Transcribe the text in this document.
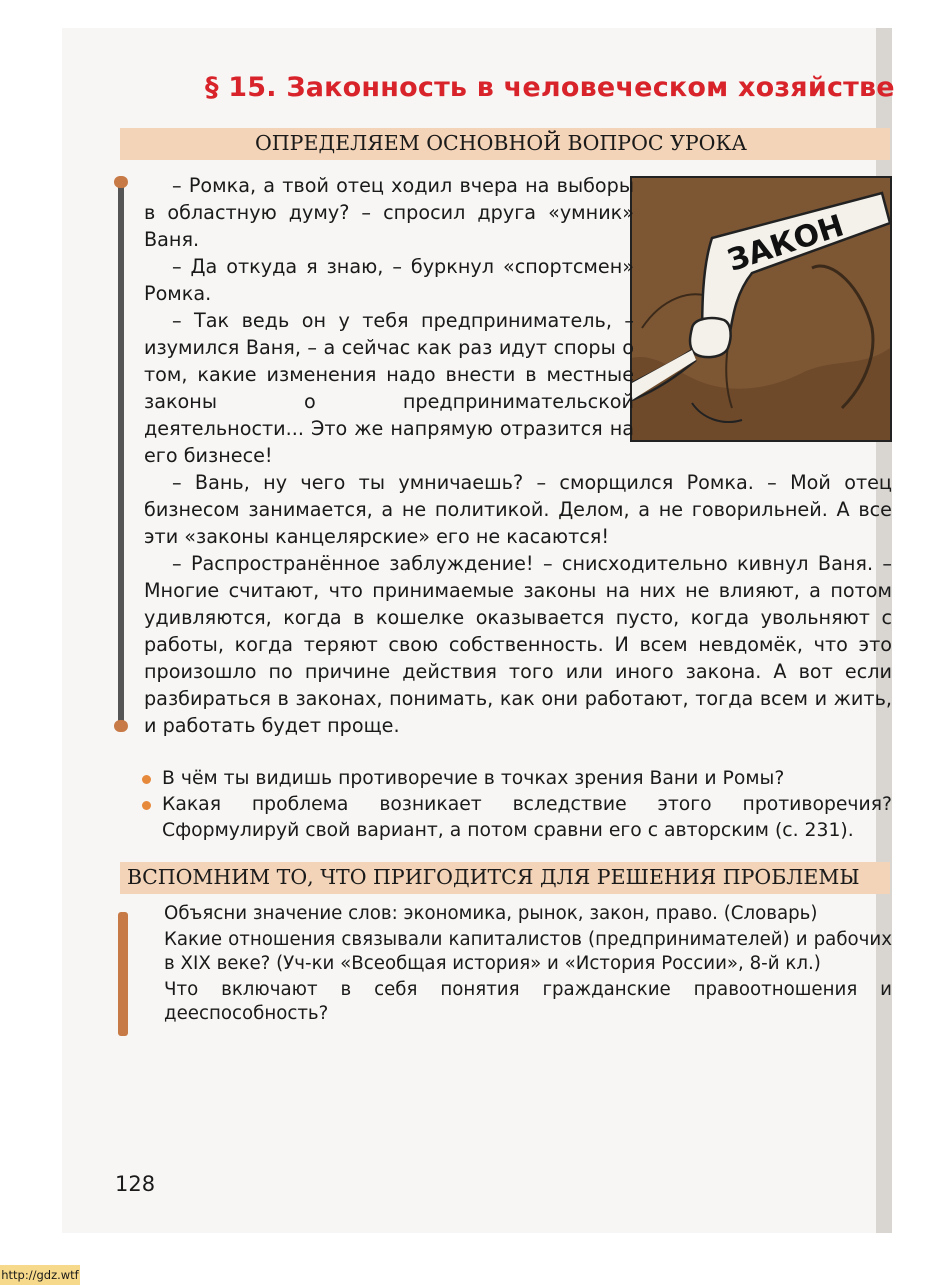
§ 15. Законность в человеческом хозяйстве
ОПРЕДЕЛЯЕМ ОСНОВНОЙ ВОПРОС УРОКА
ЗАКОН

– Ромка, а твой отец ходил вчера на выборы в областную думу? – спросил друга «умник» Ваня.

– Да откуда я знаю, – буркнул «спортсмен» Ромка.

– Так ведь он у тебя предприниматель, – изумился Ваня, – а сейчас как раз идут споры о том, какие изменения надо внести в местные законы о предпринимательской деятельности... Это же напрямую отразится на его бизнесе!

– Вань, ну чего ты умничаешь? – сморщился Ромка. – Мой отец бизнесом занимается, а не политикой. Делом, а не говорильней. А все эти «законы канцелярские» его не касаются!

– Распространённое заблуждение! – снисходительно кивнул Ваня. – Многие считают, что принимаемые законы на них не влияют, а потом удивляются, когда в кошелке оказывается пусто, когда увольняют с работы, когда теряют свою собственность. И всем невдомёк, что это произошло по причине действия того или иного закона. А вот если разбираться в законах, понимать, как они работают, тогда всем и жить, и работать будет проще.

В чём ты видишь противоречие в точках зрения Вани и Ромы?
Какая проблема возникает вследствие этого противоречия? Сформулируй свой вариант, а потом сравни его с авторским (с. 231).
ВСПОМНИМ ТО, ЧТО ПРИГОДИТСЯ ДЛЯ РЕШЕНИЯ ПРОБЛЕМЫ

Объясни значение слов: экономика, рынок, закон, право. (Словарь)

Какие отношения связывали капиталистов (предпринимателей) и рабочих в XIX веке? (Уч-ки «Всеобщая история» и «История России», 8-й кл.)

Что включают в себя понятия гражданские правоотношения и дееспособность?

128
http://gdz.wtf
